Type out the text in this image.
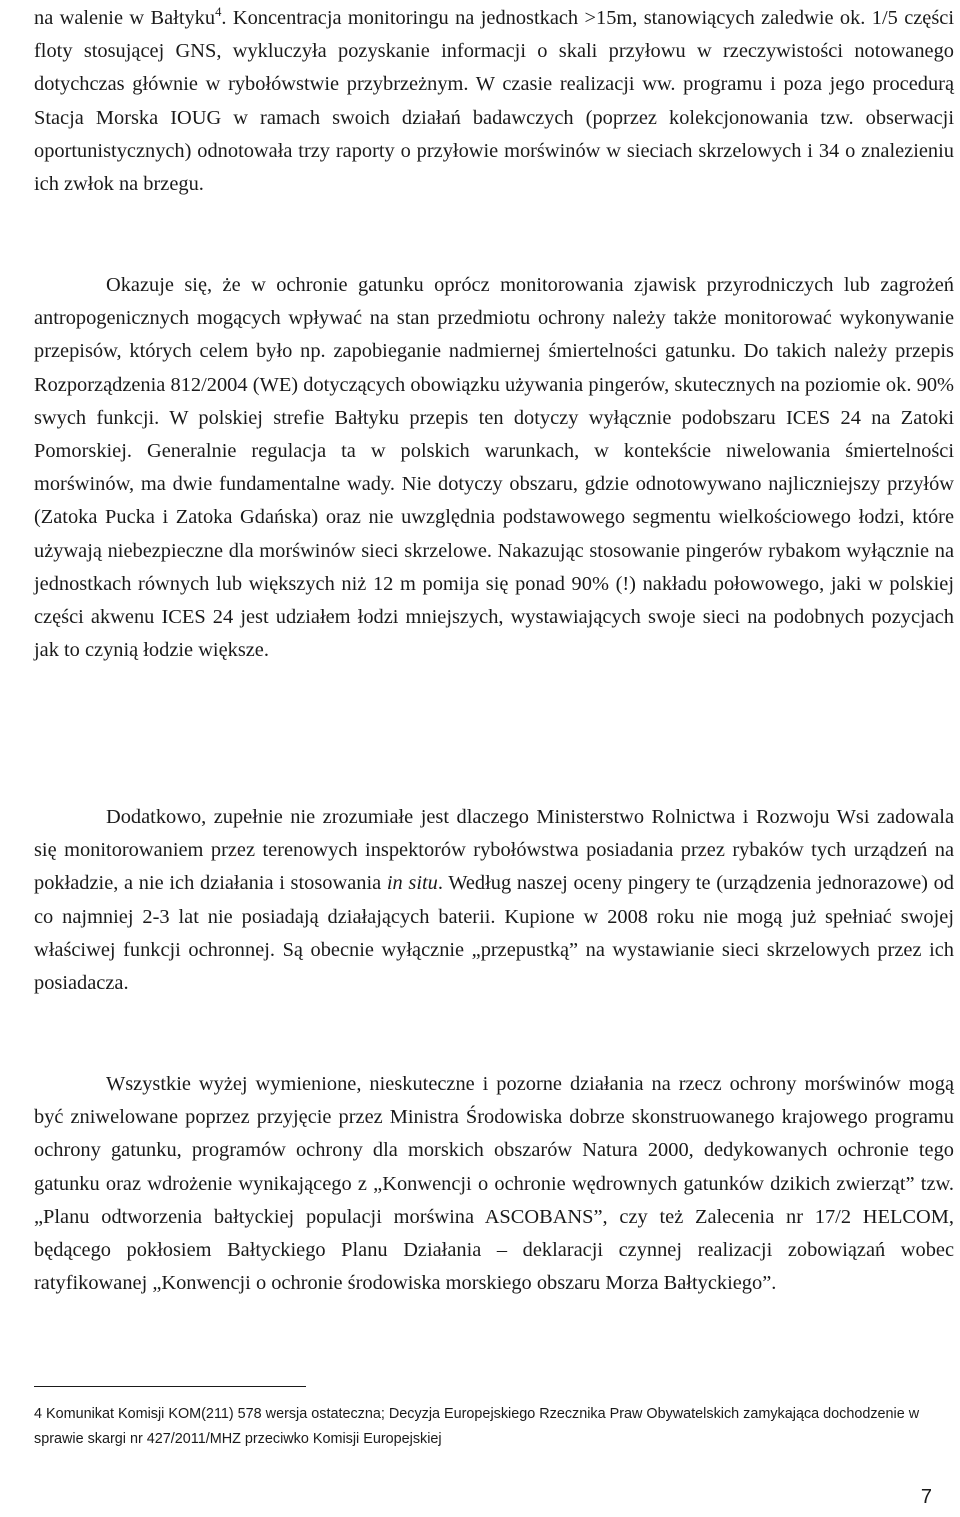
na walenie w Bałtyku$^4$. Koncentracja monitoringu na jednostkach >15m, stanowiących zaledwie ok. 1/5 części floty stosującej GNS, wykluczyła pozyskanie informacji o skali przyłowu w rzeczywistości notowanego dotychczas głównie w rybołówstwie przybrzeżnym. W czasie realizacji ww. programu i poza jego procedurą Stacja Morska IOUG w ramach swoich działań badawczych (poprzez kolekcjonowania tzw. obserwacji oportunistycznych) odnotowała trzy raporty o przyłowie morświnów w sieciach skrzelowych i 34 o znalezieniu ich zwłok na brzegu.

Okazuje się, że w ochronie gatunku oprócz monitorowania zjawisk przyrodniczych lub zagrożeń antropogenicznych mogących wpływać na stan przedmiotu ochrony należy także monitorować wykonywanie przepisów, których celem było np. zapobieganie nadmiernej śmiertelności gatunku. Do takich należy przepis Rozporządzenia 812/2004 (WE) dotyczących obowiązku używania pingerów, skutecznych na poziomie ok. 90% swych funkcji. W polskiej strefie Bałtyku przepis ten dotyczy wyłącznie podobszaru ICES 24 na Zatoki Pomorskiej. Generalnie regulacja ta w polskich warunkach, w kontekście niwelowania śmiertelności morświnów, ma dwie fundamentalne wady. Nie dotyczy obszaru, gdzie odnotowywano najliczniejszy przyłów (Zatoka Pucka i Zatoka Gdańska) oraz nie uwzględnia podstawowego segmentu wielkościowego łodzi, które używają niebezpieczne dla morświnów sieci skrzelowe. Nakazując stosowanie pingerów rybakom wyłącznie na jednostkach równych lub większych niż 12 m pomija się ponad 90% (!) nakładu połowowego, jaki w polskiej części akwenu ICES 24 jest udziałem łodzi mniejszych, wystawiających swoje sieci na podobnych pozycjach jak to czynią łodzie większe.

Dodatkowo, zupełnie nie zrozumiałe jest dlaczego Ministerstwo Rolnictwa i Rozwoju Wsi zadowala się monitorowaniem przez terenowych inspektorów rybołówstwa posiadania przez rybaków tych urządzeń na pokładzie, a nie ich działania i stosowania in situ. Według naszej oceny pingery te (urządzenia jednorazowe) od co najmniej 2-3 lat nie posiadają działających baterii. Kupione w 2008 roku nie mogą już spełniać swojej właściwej funkcji ochronnej. Są obecnie wyłącznie „przepustką” na wystawianie sieci skrzelowych przez ich posiadacza.

Wszystkie wyżej wymienione, nieskuteczne i pozorne działania na rzecz ochrony morświnów mogą być zniwelowane poprzez przyjęcie przez Ministra Środowiska dobrze skonstruowanego krajowego programu ochrony gatunku, programów ochrony dla morskich obszarów Natura 2000, dedykowanych ochronie tego gatunku oraz wdrożenie wynikającego z „Konwencji o ochronie wędrownych gatunków dzikich zwierząt” tzw. „Planu odtworzenia bałtyckiej populacji morświna ASCOBANS”, czy też Zalecenia nr 17/2 HELCOM, będącego pokłosiem Bałtyckiego Planu Działania – deklaracji czynnej realizacji zobowiązań wobec ratyfikowanej „Konwencji o ochronie środowiska morskiego obszaru Morza Bałtyckiego”.

4 Komunikat Komisji KOM(211) 578 wersja ostateczna; Decyzja Europejskiego Rzecznika Praw Obywatelskich zamykająca dochodzenie w sprawie skargi nr 427/2011/MHZ przeciwko Komisji Europejskiej

7
